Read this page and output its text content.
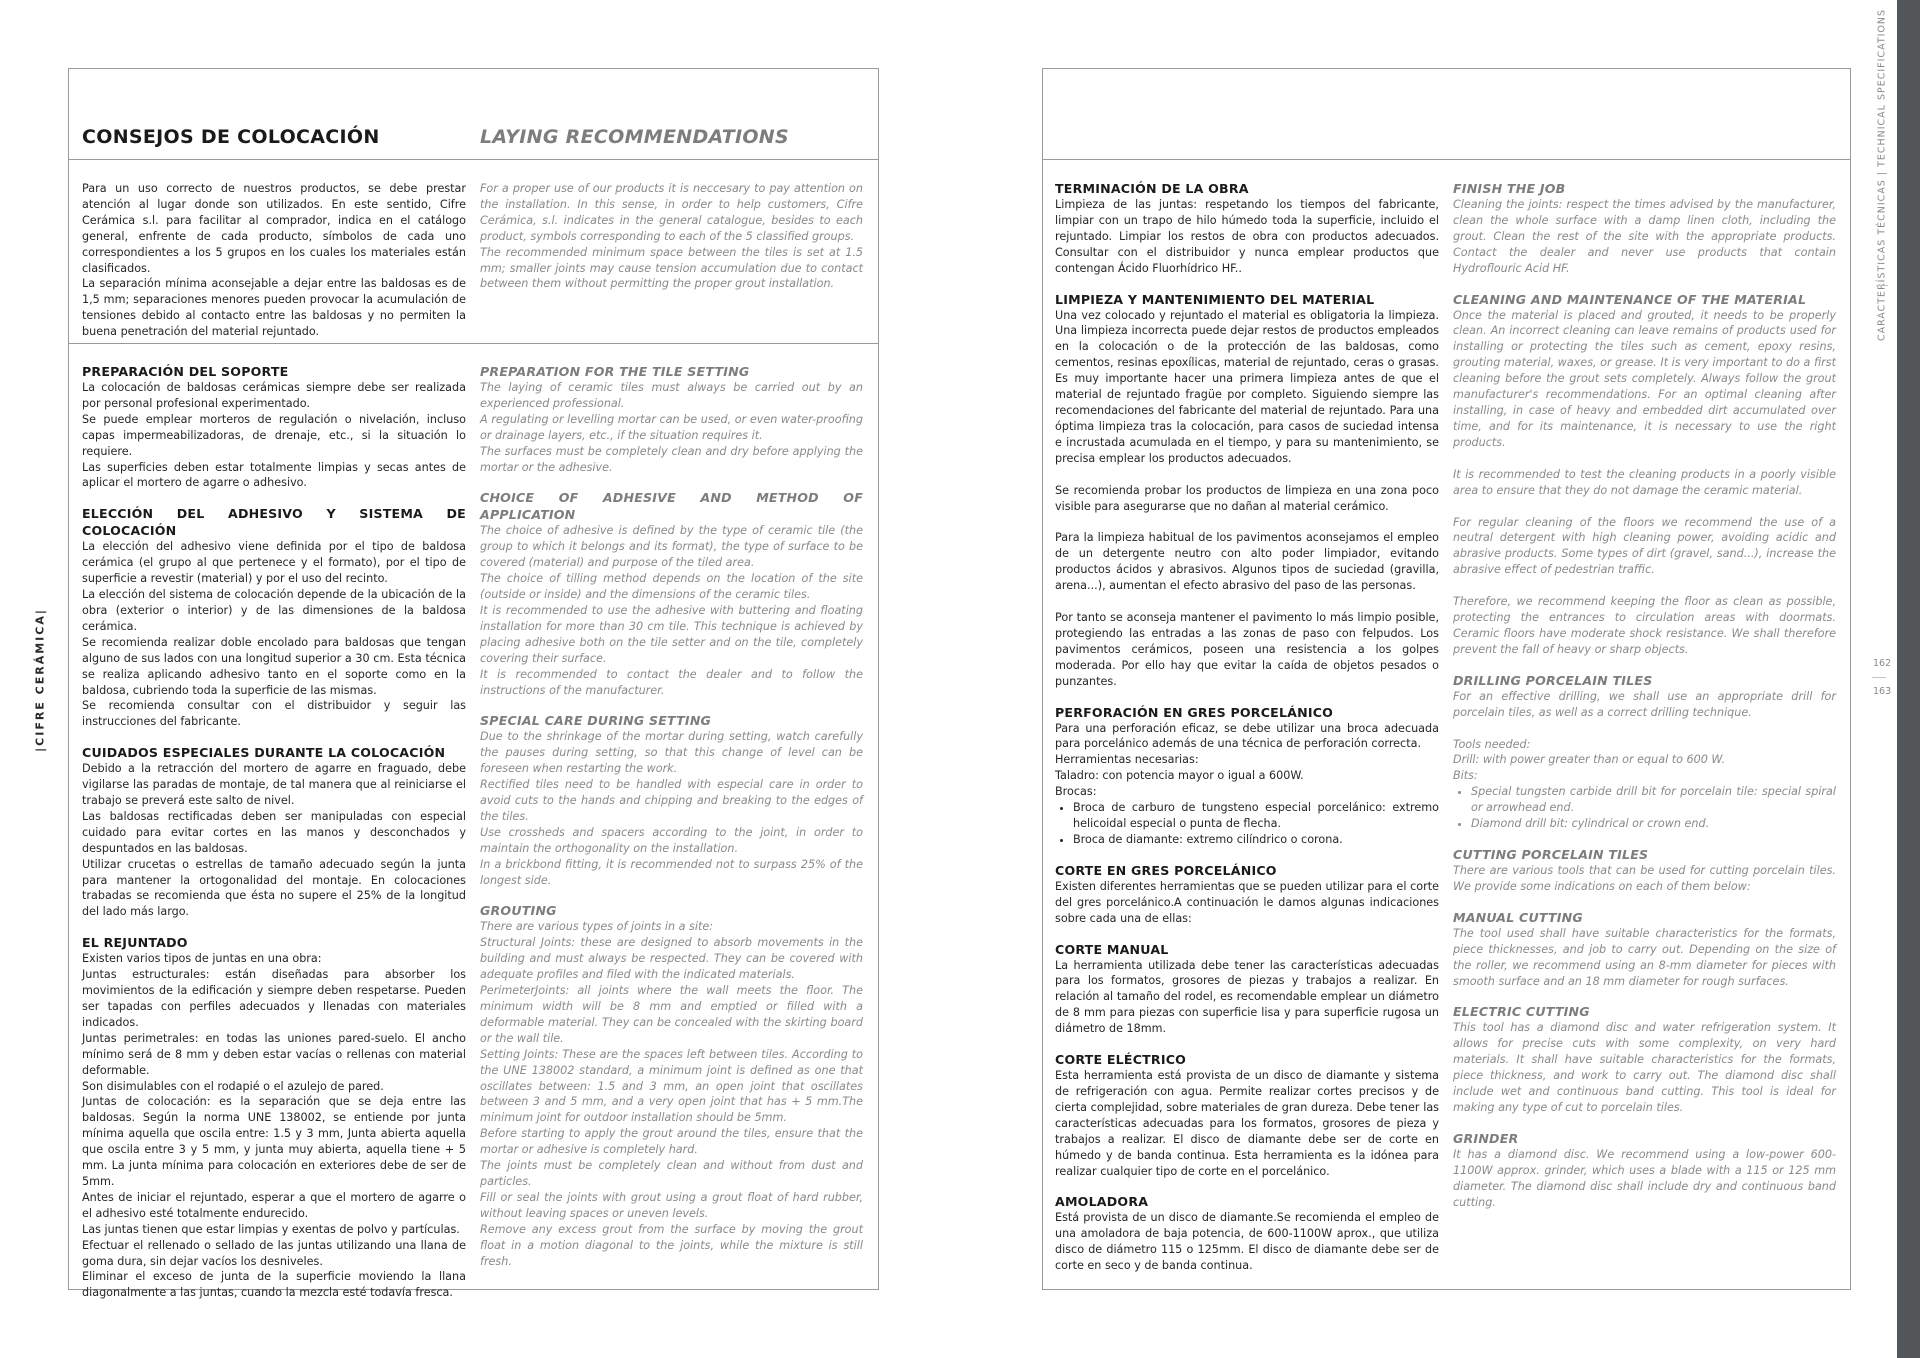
CONSEJOS DE COLOCACIÓN	LAYING RECOMMENDATIONS

Para un uso correcto de nuestros productos, se debe prestar atención al lugar donde son utilizados. En este sentido, Cifre Cerámica s.l. para facilitar al comprador, indica en el catálogo general, enfrente de cada producto, símbolos de cada uno correspondientes a los 5 grupos en los cuales los materiales están clasificados.

La separación mínima aconsejable a dejar entre las baldosas es de 1,5 mm; separaciones menores pueden provocar la acumulación de tensiones debido al contacto entre las baldosas y no permiten la buena penetración del material rejuntado.

For a proper use of our products it is neccesary to pay attention on the installation. In this sense, in order to help customers, Cifre Cerámica, s.l. indicates in the general catalogue, besides to each product, symbols corresponding to each of the 5 classified groups.

The recommended minimum space between the tiles is set at 1.5 mm; smaller joints may cause tension accumulation due to contact between them without permitting the proper grout installation.

PREPARACIÓN DEL SOPORTE

La colocación de baldosas cerámicas siempre debe ser realizada por personal profesional experimentado.

Se puede emplear morteros de regulación o nivelación, incluso capas impermeabilizadoras, de drenaje, etc., si la situación lo requiere.

Las superficies deben estar totalmente limpias y secas antes de aplicar el mortero de agarre o adhesivo.

ELECCIÓN DEL ADHESIVO Y SISTEMA DE COLOCACIÓN

La elección del adhesivo viene definida por el tipo de baldosa cerámica (el grupo al que pertenece y el formato), por el tipo de superficie a revestir (material) y por el uso del recinto.

La elección del sistema de colocación depende de la ubicación de la obra (exterior o interior) y de las dimensiones de la baldosa cerámica.

Se recomienda realizar doble encolado para baldosas que tengan alguno de sus lados con una longitud superior a 30 cm. Esta técnica se realiza aplicando adhesivo tanto en el soporte como en la baldosa, cubriendo toda la superficie de las mismas.

Se recomienda consultar con el distribuidor y seguir las instrucciones del fabricante.

CUIDADOS ESPECIALES DURANTE LA COLOCACIÓN

Debido a la retracción del mortero de agarre en fraguado, debe vigilarse las paradas de montaje, de tal manera que al reiniciarse el trabajo se preverá este salto de nivel.

Las baldosas rectificadas deben ser manipuladas con especial cuidado para evitar cortes en las manos y desconchados y despuntados en las baldosas.

Utilizar crucetas o estrellas de tamaño adecuado según la junta para mantener la ortogonalidad del montaje. En colocaciones trabadas se recomienda que ésta no supere el 25% de la longitud del lado más largo.

EL REJUNTADO

Existen varios tipos de juntas en una obra:

Juntas estructurales: están diseñadas para absorber los movimientos de la edificación y siempre deben respetarse. Pueden ser tapadas con perfiles adecuados y llenadas con materiales indicados.

Juntas perimetrales: en todas las uniones pared-suelo. El ancho mínimo será de 8 mm y deben estar vacías o rellenas con material deformable.

Son disimulables con el rodapié o el azulejo de pared.

Juntas de colocación: es la separación que se deja entre las baldosas. Según la norma UNE 138002, se entiende por junta mínima aquella que oscila entre: 1.5 y 3 mm, Junta abierta aquella que oscila entre 3 y 5 mm, y junta muy abierta, aquella tiene + 5 mm. La junta mínima para colocación en exteriores debe de ser de 5mm.

Antes de iniciar el rejuntado, esperar a que el mortero de agarre o el adhesivo esté totalmente endurecido.

Las juntas tienen que estar limpias y exentas de polvo y partículas.

Efectuar el rellenado o sellado de las juntas utilizando una llana de goma dura, sin dejar vacíos los desniveles.

Eliminar el exceso de junta de la superficie moviendo la llana diagonalmente a las juntas, cuando la mezcla esté todavía fresca.

PREPARATION FOR THE TILE SETTING

The laying of ceramic tiles must always be carried out by an experienced professional.

A regulating or levelling mortar can be used, or even water-proofing or drainage layers, etc., if the situation requires it.

The surfaces must be completely clean and dry before applying the mortar or the adhesive.

CHOICE OF ADHESIVE AND METHOD OF APPLICATION

The choice of adhesive is defined by the type of ceramic tile (the group to which it belongs and its format), the type of surface to be covered (material) and purpose of the tiled area.

The choice of tilling method depends on the location of the site (outside or inside) and the dimensions of the ceramic tiles.

It is recommended to use the adhesive with buttering and floating installation for more than 30 cm tile. This technique is achieved by placing adhesive both on the tile setter and on the tile, completely covering their surface.

It is recommended to contact the dealer and to follow the instructions of the manufacturer.

SPECIAL CARE DURING SETTING

Due to the shrinkage of the mortar during setting, watch carefully the pauses during setting, so that this change of level can be foreseen when restarting the work.

Rectified tiles need to be handled with especial care in order to avoid cuts to the hands and chipping and breaking to the edges of the tiles.

Use crossheds and spacers according to the joint, in order to maintain the orthogonality on the installation.

In a brickbond fitting, it is recommended not to surpass 25% of the longest side.

GROUTING

There are various types of joints in a site:

Structural Joints: these are designed to absorb movements in the building and must always be respected. They can be covered with adequate profiles and filed with the indicated materials.

PerimeterJoints: all joints where the wall meets the floor. The minimum width will be 8 mm and emptied or filled with a deformable material. They can be concealed with the skirting board or the wall tile.

Setting Joints: These are the spaces left between tiles. According to the UNE 138002 standard, a minimum joint is defined as one that oscillates between: 1.5 and 3 mm, an open joint that oscillates between 3 and 5 mm, and a very open joint that has + 5 mm.The minimum joint for outdoor installation should be 5mm.

Before starting to apply the grout around the tiles, ensure that the mortar or adhesive is completely hard.

The joints must be completely clean and without from dust and particles.

Fill or seal the joints with grout using a grout float of hard rubber, without leaving spaces or uneven levels.

Remove any excess grout from the surface by moving the grout float in a motion diagonal to the joints, while the mixture is still fresh.

TERMINACIÓN DE LA OBRA

Limpieza de las juntas: respetando los tiempos del fabricante, limpiar con un trapo de hilo húmedo toda la superficie, incluido el rejuntado. Limpiar los restos de obra con productos adecuados. Consultar con el distribuidor y nunca emplear productos que contengan Ácido Fluorhídrico HF..

LIMPIEZA Y MANTENIMIENTO DEL MATERIAL

Una vez colocado y rejuntado el material es obligatoria la limpieza. Una limpieza incorrecta puede dejar restos de productos empleados en la colocación o de la protección de las baldosas, como cementos, resinas epoxílicas, material de rejuntado, ceras o grasas. Es muy importante hacer una primera limpieza antes de que el material de rejuntado fragüe por completo. Siguiendo siempre las recomendaciones del fabricante del material de rejuntado. Para una óptima limpieza tras la colocación, para casos de suciedad intensa e incrustada acumulada en el tiempo, y para su mantenimiento, se precisa emplear los productos adecuados.

Se recomienda probar los productos de limpieza en una zona poco visible para asegurarse que no dañan al material cerámico.

Para la limpieza habitual de los pavimentos aconsejamos el empleo de un detergente neutro con alto poder limpiador, evitando productos ácidos y abrasivos. Algunos tipos de suciedad (gravilla, arena...), aumentan el efecto abrasivo del paso de las personas.

Por tanto se aconseja mantener el pavimento lo más limpio posible, protegiendo las entradas a las zonas de paso con felpudos. Los pavimentos cerámicos, poseen una resistencia a los golpes moderada. Por ello hay que evitar la caída de objetos pesados o punzantes.

PERFORACIÓN EN GRES PORCELÁNICO

Para una perforación eficaz, se debe utilizar una broca adecuada para porcelánico además de una técnica de perforación correcta.

Herramientas necesarias:

Taladro: con potencia mayor o igual a 600W.

Brocas:

• Broca de carburo de tungsteno especial porcelánico: extremo helicoidal especial o punta de flecha.
• Broca de diamante: extremo cilíndrico o corona.
CORTE EN GRES PORCELÁNICO

Existen diferentes herramientas que se pueden utilizar para el corte del gres porcelánico.A continuación le damos algunas indicaciones sobre cada una de ellas:

CORTE MANUAL

La herramienta utilizada debe tener las características adecuadas para los formatos, grosores de piezas y trabajos a realizar. En relación al tamaño del rodel, es recomendable emplear un diámetro de 8 mm para piezas con superficie lisa y para superficie rugosa un diámetro de 18mm.

CORTE ELÉCTRICO

Esta herramienta está provista de un disco de diamante y sistema de refrigeración con agua. Permite realizar cortes precisos y de cierta complejidad, sobre materiales de gran dureza. Debe tener las características adecuadas para los formatos, grosores de pieza y trabajos a realizar. El disco de diamante debe ser de corte en húmedo y de banda continua. Esta herramienta es la idónea para realizar cualquier tipo de corte en el porcelánico.

AMOLADORA

Está provista de un disco de diamante.Se recomienda el empleo de una amoladora de baja potencia, de 600-1100W aprox., que utiliza disco de diámetro 115 o 125mm. El disco de diamante debe ser de corte en seco y de banda continua.

FINISH THE JOB

Cleaning the joints: respect the times advised by the manufacturer, clean the whole surface with a damp linen cloth, including the grout. Clean the rest of the site with the appropriate products. Contact the dealer and never use products that contain Hydroflouric Acid HF.

CLEANING AND MAINTENANCE OF THE MATERIAL

Once the material is placed and grouted, it needs to be properly clean. An incorrect cleaning can leave remains of products used for installing or protecting the tiles such as cement, epoxy resins, grouting material, waxes, or grease. It is very important to do a first cleaning before the grout sets completely. Always follow the grout manufacturer's recommendations. For an optimal cleaning after installing, in case of heavy and embedded dirt accumulated over time, and for its maintenance, it is necessary to use the right products.

It is recommended to test the cleaning products in a poorly visible area to ensure that they do not damage the ceramic material.

For regular cleaning of the floors we recommend the use of a neutral detergent with high cleaning power, avoiding acidic and abrasive products. Some types of dirt (gravel, sand...), increase the abrasive effect of pedestrian traffic.

Therefore, we recommend keeping the floor as clean as possible, protecting the entrances to circulation areas with doormats. Ceramic floors have moderate shock resistance. We shall therefore prevent the fall of heavy or sharp objects.

DRILLING PORCELAIN TILES

For an effective drilling, we shall use an appropriate drill for porcelain tiles, as well as a correct drilling technique.

Tools needed:

Drill: with power greater than or equal to 600 W.

Bits:

• Special tungsten carbide drill bit for porcelain tile: special spiral or arrowhead end.
• Diamond drill bit: cylindrical or crown end.
CUTTING PORCELAIN TILES

There are various tools that can be used for cutting porcelain tiles. We provide some indications on each of them below:

MANUAL CUTTING

The tool used shall have suitable characteristics for the formats, piece thicknesses, and job to carry out. Depending on the size of the roller, we recommend using an 8-mm diameter for pieces with smooth surface and an 18 mm diameter for rough surfaces.

ELECTRIC CUTTING

This tool has a diamond disc and water refrigeration system. It allows for precise cuts with some complexity, on very hard materials. It shall have suitable characteristics for the formats, piece thickness, and work to carry out. The diamond disc shall include wet and continuous band cutting. This tool is ideal for making any type of cut to porcelain tiles.

GRINDER

It has a diamond disc. We recommend using a low-power 600-1100W approx. grinder, which uses a blade with a 115 or 125 mm diameter. The diamond disc shall include dry and continuous band cutting.

|CIFRE CERÁMICA|
CARACTERÍSTICAS TÉCNICAS | TECHNICAL SPECIFICATIONS
162
163
